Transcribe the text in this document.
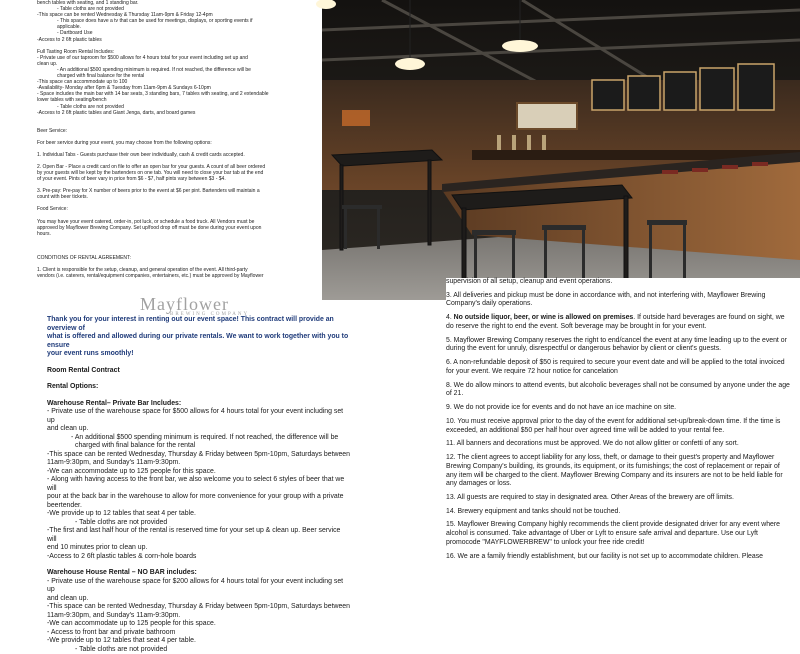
bench tables with seating, and 1 standing bar.

- Table cloths are not provided

-This space can be rented Wednesday & Thursday 11am-9pm & Friday 12-4pm

- This space does have a tv that can be used for meetings, displays, or sporting events if

applicable.

- Dartboard Use

-Access to 2 6ft plastic tables

Full Tasting Room Rental Includes:

- Private use of our taproom for $500 allows for 4 hours total for your event including set up and

clean up.

- An additional $500 spending minimum is required. If not reached, the difference will be

charged with final balance for the rental

-This space can accommodate up to 100

-Availability- Monday after 6pm & Tuesday from 11am-9pm & Sundays 6-10pm

- Space includes the main bar with 14 bar seats, 3 standing bars, 7 tables with seating, and 2 extendable

lower tables with seating/bench

- Table cloths are not provided

-Access to 2 6ft plastic tables and Giant Jenga, darts, and board games

Beer Service:

For beer service during your event, you may choose from the following options:

1. Individual Tabs - Guests purchase their own beer individually, cash & credit cards accepted.

2. Open Bar - Place a credit card on file to offer an open bar for your guests. A count of all beer ordered

by your guests will be kept by the bartenders on one tab. You will need to close your bar tab at the end

of your event. Pints of beer vary in price from $6 - $7, half pints vary between $3 - $4.

3. Pre-pay: Pre-pay for X number of beers prior to the event at $6 per pint. Bartenders will maintain a

count with beer tickets.

Food Service:

You may have your event catered, order-in, pot luck, or schedule a food truck. All Vendors must be

approved by Mayflower Brewing Company. Set up/food drop off must be done during your event upon

hours.

CONDITIONS OF RENTAL AGREEMENT:

1. Client is responsible for the setup, cleanup, and general operation of the event. All third-party

vendors (i.e. caterers, rental/equipment companies, entertainers, etc.) must be approved by Mayflower

Mayflower
BREWING COMPANY

Thank you for your interest in renting out our event space! This contract will provide an overview of

what is offered and allowed during our private rentals. We want to work together with you to ensure

your event runs smoothly!

Room Rental Contract

Rental Options:

Warehouse Rental– Private Bar Includes:

- Private use of the warehouse space for $500 allows for 4 hours total for your event including set up

and clean up.

- An additional $500 spending minimum is required. If not reached, the difference will be

charged with final balance for the rental

-This space can be rented Wednesday, Thursday & Friday between 5pm-10pm, Saturdays between

11am-9:30pm, and Sunday's 11am-9:30pm.

-We can accommodate up to 125 people for this space.

- Along with having access to the front bar, we also welcome you to select 6 styles of beer that we will

pour at the back bar in the warehouse to allow for more convenience for your group with a private

beertender.

-We provide up to 12 tables that seat 4 per table.

- Table cloths are not provided

-The first and last half hour of the rental is reserved time for your set up & clean up. Beer service will

end 10 minutes prior to clean up.

-Access to 2 6ft plastic tables & corn-hole boards

Warehouse House Rental – NO BAR includes:

- Private use of the warehouse space for $200 allows for 4 hours total for your event including set up

and clean up.

-This space can be rented Wednesday, Thursday & Friday between 5pm-10pm, Saturdays between

11am-9:30pm, and Sunday's 11am-9:30pm.

-We can accommodate up to 125 people for this space.

- Access to front bar and private bathroom

-We provide up to 12 tables that seat 4 per table.

- Table cloths are not provided

supervision of all setup, cleanup and event operations.

3. All deliveries and pickup must be done in accordance with, and not interfering with, Mayflower Brewing Company's daily operations.

4. No outside liquor, beer, or wine is allowed on premises. If outside hard beverages are found on sight, we do reserve the right to end the event. Soft beverage may be brought in for your event.

5. Mayflower Brewing Company reserves the right to end/cancel the event at any time leading up to the event or during the event for unruly, disrespectful or dangerous behavior by client or client's guests.

6. A non-refundable deposit of $50 is required to secure your event date and will be applied to the total invoiced for your event. We require 72 hour notice for cancelation

8. We do allow minors to attend events, but alcoholic beverages shall not be consumed by anyone under the age of 21.

9. We do not provide ice for events and do not have an ice machine on site.

10. You must receive approval prior to the day of the event for additional set-up/break-down time. If the time is exceeded, an additional $50 per half hour over agreed time will be added to your rental fee.

11. All banners and decorations must be approved. We do not allow glitter or confetti of any sort.

12. The client agrees to accept liability for any loss, theft, or damage to their guest's property and Mayflower Brewing Company's building, its grounds, its equipment, or its furnishings; the cost of replacement or repair of any item will be charged to the client. Mayflower Brewing Company and its insurers are not to be held liable for any damages or loss.

13. All guests are required to stay in designated area. Other Areas of the brewery are off limits.

14. Brewery equipment and tanks should not be touched.

15. Mayflower Brewing Company highly recommends the client provide designated driver for any event where alcohol is consumed. Take advantage of Uber or Lyft to ensure safe arrival and departure. Use our Lyft promocode "MAYFLOWERBREW" to unlock your free ride credit!

16. We are a family friendly establishment, but our facility is not set up to accommodate children. Please
